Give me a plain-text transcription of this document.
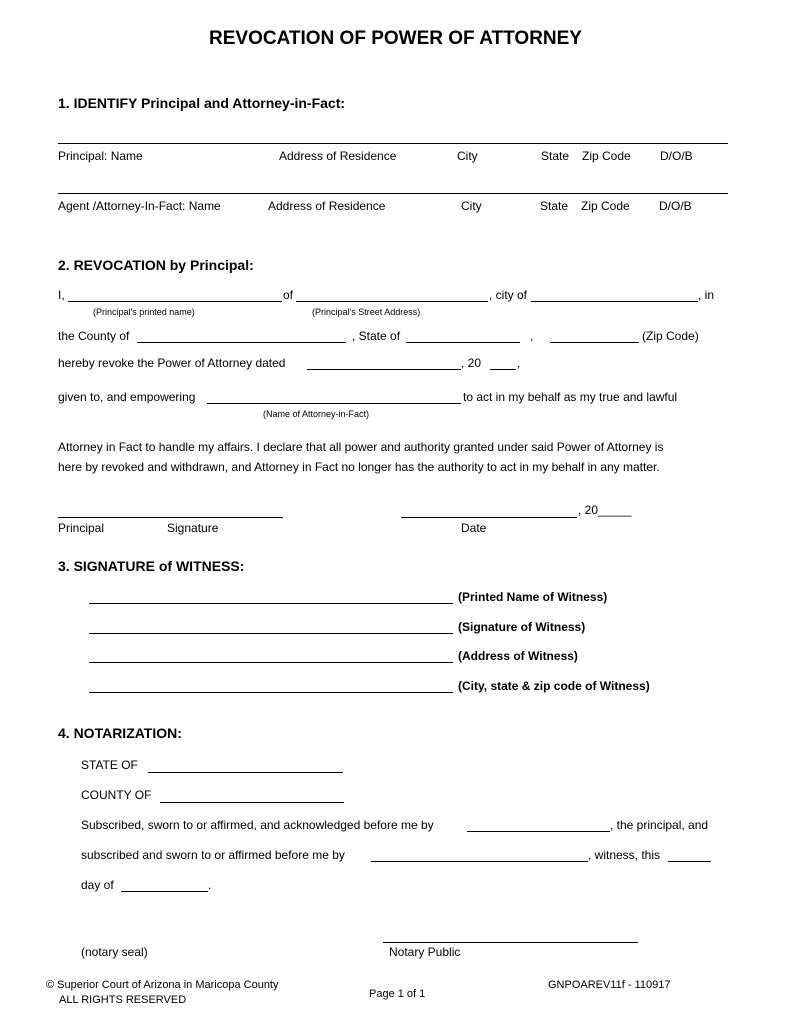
REVOCATION OF POWER OF ATTORNEY
1. IDENTIFY Principal and Attorney-in-Fact:
Principal: Name	Address of Residence	City	State Zip Code D/O/B
Agent /Attorney-In-Fact: Name	Address of Residence	City	State Zip Code D/O/B
2. REVOCATION by Principal:
I,	of	, city of	, in
(Principal's printed name)	(Principal's Street Address)
the County of	, State of	,	(Zip Code)
hereby revoke the Power of Attorney dated	, 20	,
given to, and empowering	to act in my behalf as my true and lawful
(Name of Attorney-in-Fact)
Attorney in Fact to handle my affairs. I declare that all power and authority granted under said Power of Attorney is
here by revoked and withdrawn, and Attorney in Fact no longer has the authority to act in my behalf in any matter.
, 20_____
Principal	Signature	Date
3. SIGNATURE of WITNESS:
(Printed Name of Witness)
(Signature of Witness)
(Address of Witness)
(City, state & zip code of Witness)
4. NOTARIZATION:
STATE OF
COUNTY OF
Subscribed, sworn to or affirmed, and acknowledged before me by	, the principal, and
subscribed and sworn to or affirmed before me by	, witness, this
day of	.
(notary seal)	Notary Public
© Superior Court of Arizona in Maricopa County
ALL RIGHTS RESERVED	Page 1 of 1
GNPOAREV11f - 110917
